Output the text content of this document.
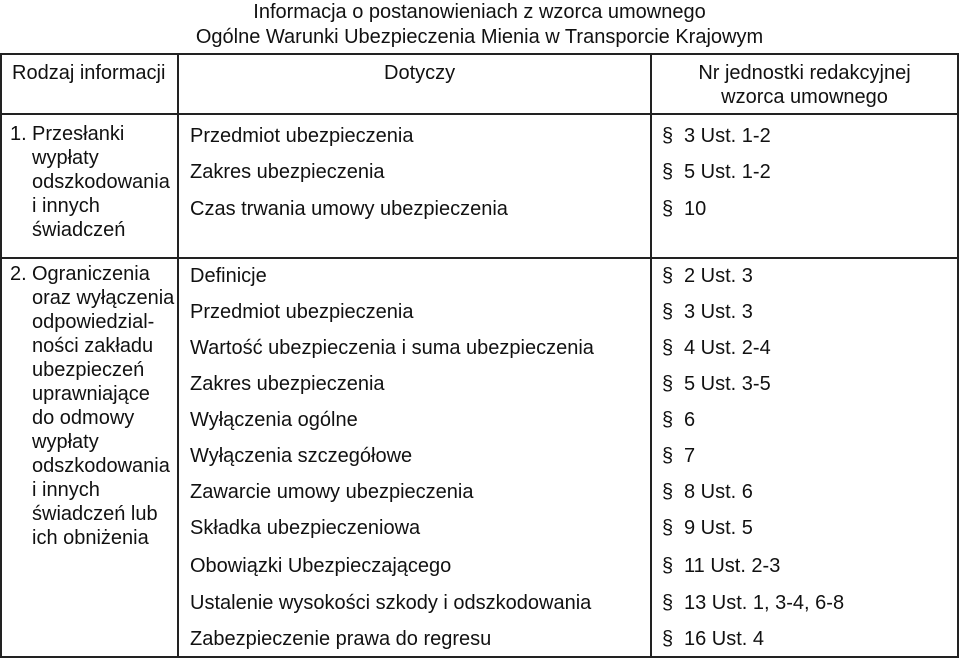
Informacja o postanowieniach z wzorca umownego
Ogólne Warunki Ubezpieczenia Mienia w Transporcie Krajowym
Rodzaj informacji	Dotyczy	Nr jednostki redakcyjnej
wzorca umownego
1. Przesłanki
wypłaty
odszkodowania
i innych
świadczeń
Przedmiot ubezpieczenia	§ 3 Ust. 1-2
Zakres ubezpieczenia	§ 5 Ust. 1-2
Czas trwania umowy ubezpieczenia	§ 10
2. Ograniczenia
oraz wyłączenia
odpowiedzial-
ności zakładu
ubezpieczeń
uprawniające
do odmowy
wypłaty
odszkodowania
i innych
świadczeń lub
ich obniżenia
Definicje	§ 2 Ust. 3
Przedmiot ubezpieczenia	§ 3 Ust. 3
Wartość ubezpieczenia i suma ubezpieczenia	§ 4 Ust. 2-4
Zakres ubezpieczenia	§ 5 Ust. 3-5
Wyłączenia ogólne	§ 6
Wyłączenia szczegółowe	§ 7
Zawarcie umowy ubezpieczenia	§ 8 Ust. 6
Składka ubezpieczeniowa	§ 9 Ust. 5
Obowiązki Ubezpieczającego	§ 11 Ust. 2-3
Ustalenie wysokości szkody i odszkodowania	§ 13 Ust. 1, 3-4, 6-8
Zabezpieczenie prawa do regresu	§ 16 Ust. 4
